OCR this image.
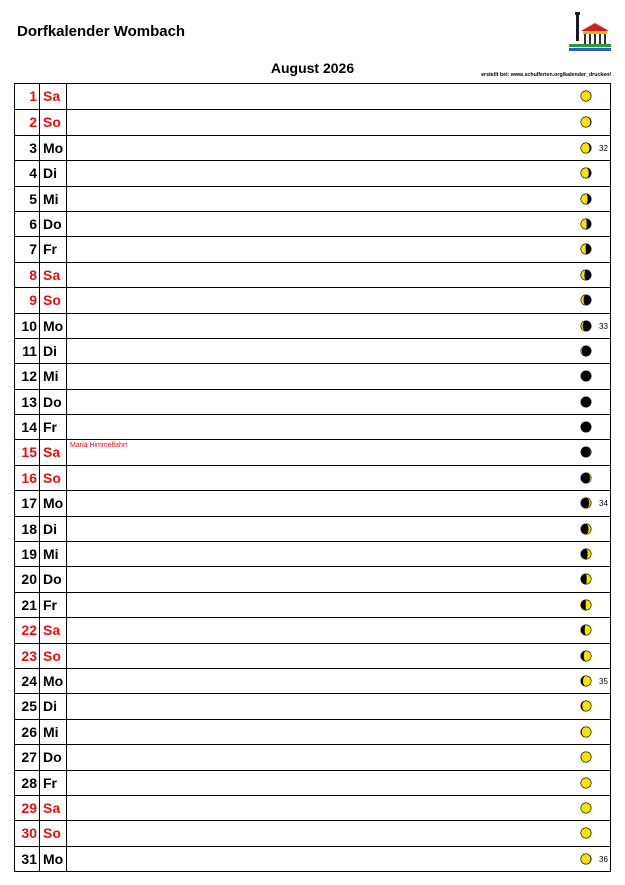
Dorfkalender Wombach
August 2026	erstellt bei: www.schulferien.org/kalender_drucken/
1 Sa
2 So
3 Mo	32
4 Di
5 Mi
6 Do
7 Fr
8 Sa
9 So
10 Mo	33
11 Di
12 Mi
13 Do
14 Fr
15 Sa	Mariä Himmelfahrt
16 So
17 Mo	34
18 Di
19 Mi
20 Do
21 Fr
22 Sa
23 So
24 Mo	35
25 Di
26 Mi
27 Do
28 Fr
29 Sa
30 So
31 Mo	36
